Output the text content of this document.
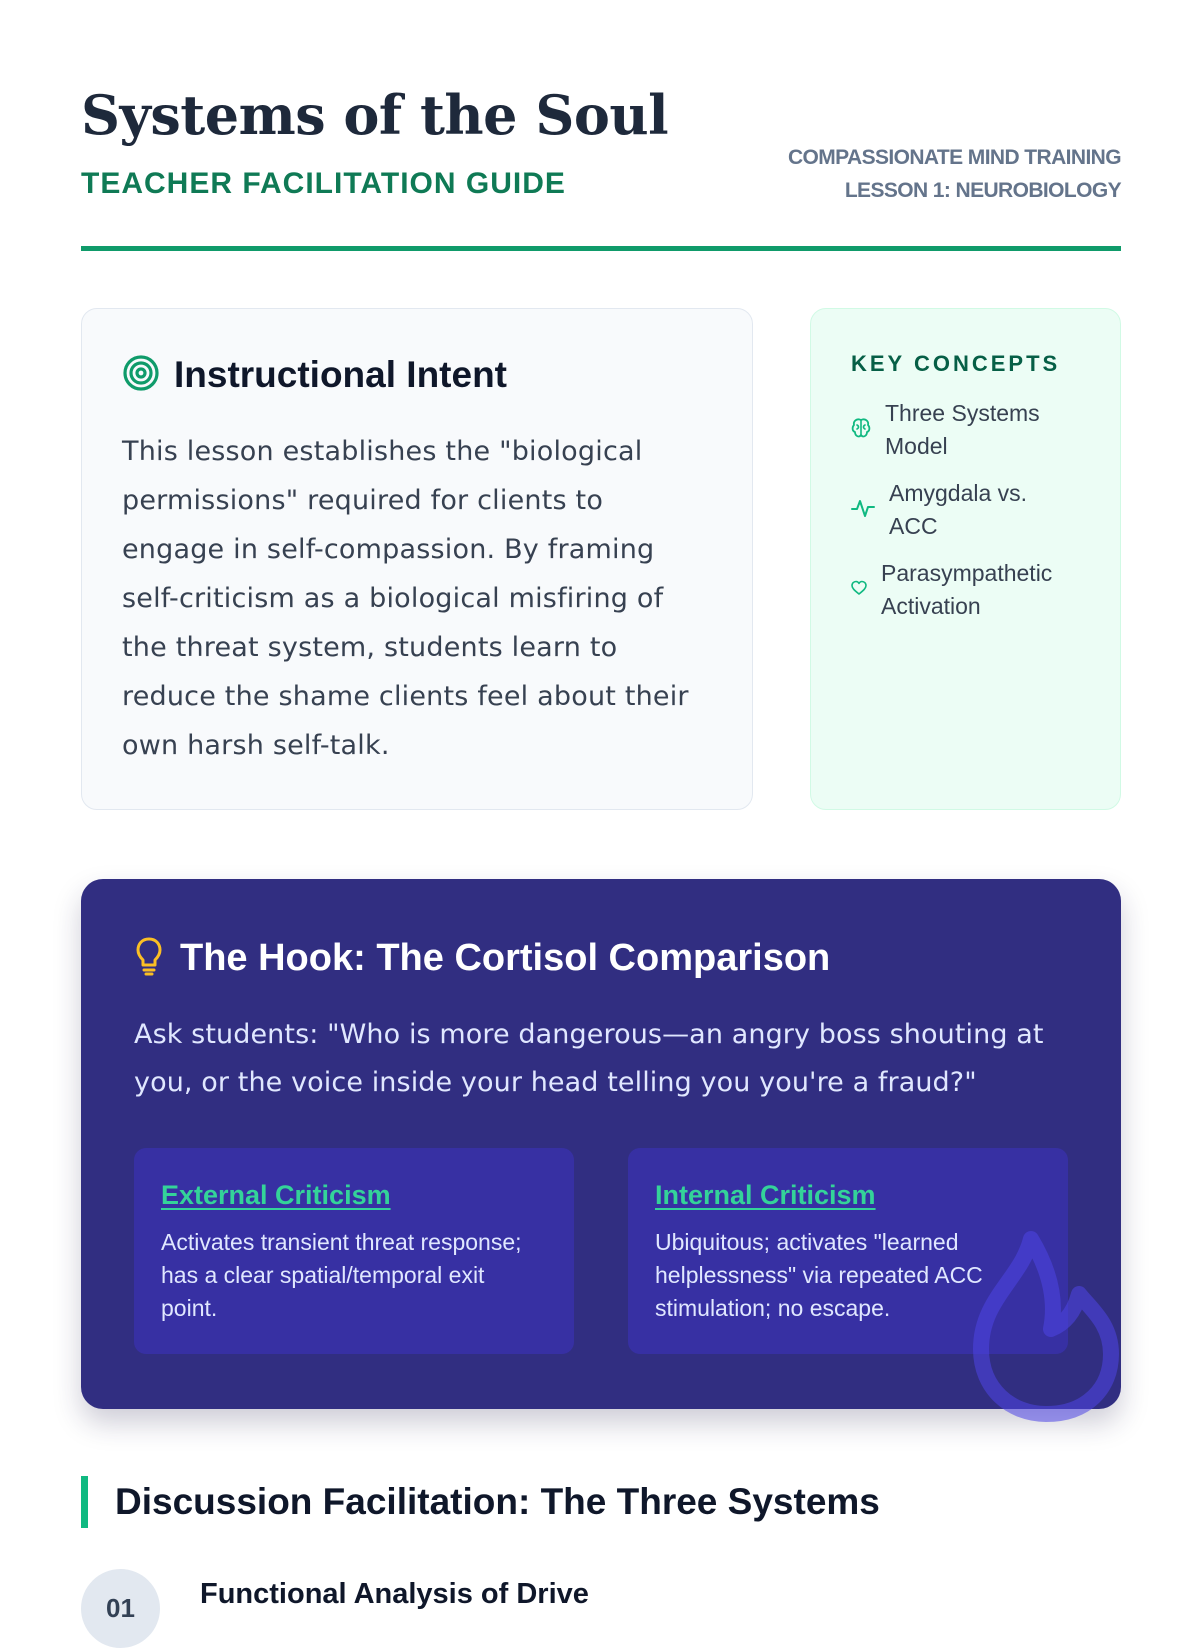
Systems of the Soul
TEACHER FACILITATION GUIDE
COMPASSIONATE MIND TRAINING
LESSON 1: NEUROBIOLOGY
Instructional Intent

This lesson establishes the "biological permissions" required for clients to engage in self-compassion. By framing self-criticism as a biological misfiring of the threat system, students learn to reduce the shame clients feel about their own harsh self-talk.

KEY CONCEPTS
Three Systems Model
Amygdala vs. ACC
Parasympathetic Activation
The Hook: The Cortisol Comparison

Ask students: "Who is more dangerous—an angry boss shouting at you, or the voice inside your head telling you you're a fraud?"

External Criticism
Activates transient threat response; has a clear spatial/temporal exit point.
Internal Criticism
Ubiquitous; activates "learned helplessness" via repeated ACC stimulation; no escape.
Discussion Facilitation: The Three Systems
01	Functional Analysis of Drive
